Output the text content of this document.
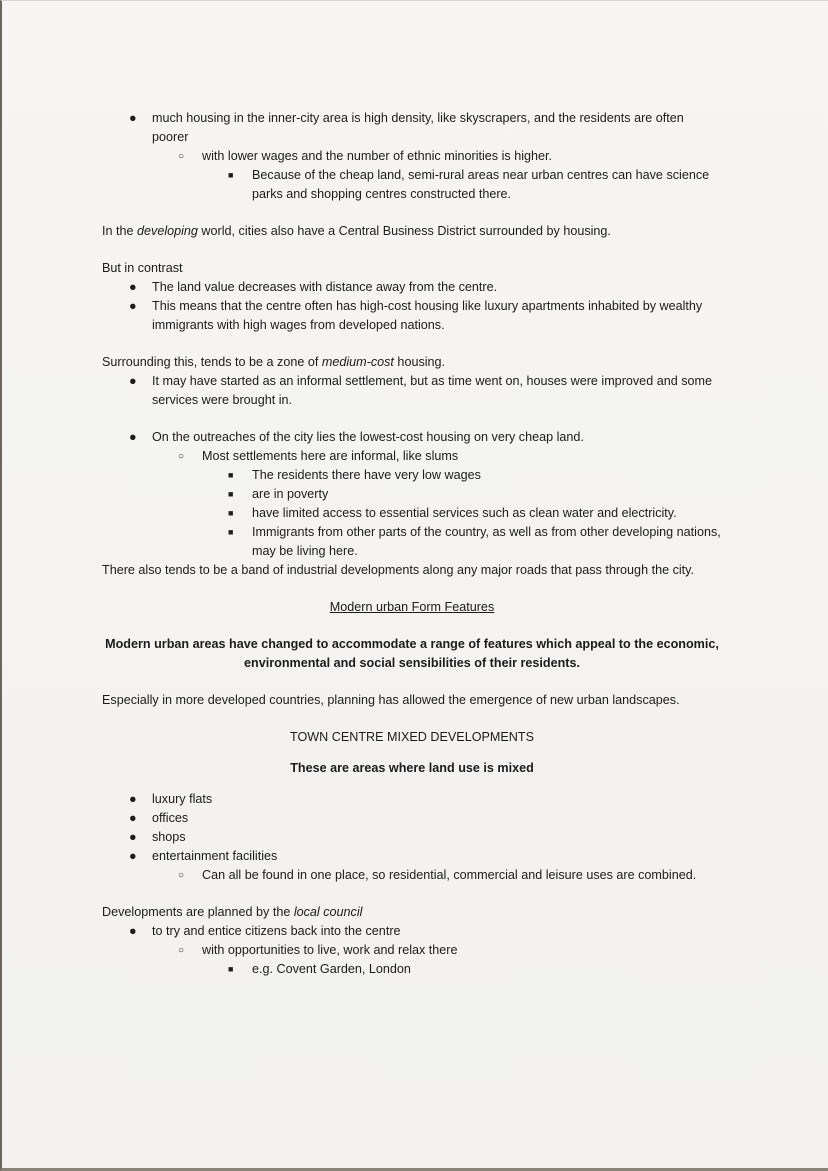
● much housing in the inner-city area is high density, like skyscrapers, and the residents are often poorer
○ with lower wages and the number of ethnic minorities is higher.
■ Because of the cheap land, semi-rural areas near urban centres can have science parks and shopping centres constructed there.

In the developing world, cities also have a Central Business District surrounded by housing.

But in contrast

● The land value decreases with distance away from the centre.
● This means that the centre often has high-cost housing like luxury apartments inhabited by wealthy immigrants with high wages from developed nations.

Surrounding this, tends to be a zone of medium-cost housing.

● It may have started as an informal settlement, but as time went on, houses were improved and some services were brought in.
● On the outreaches of the city lies the lowest-cost housing on very cheap land.
○ Most settlements here are informal, like slums
■ The residents there have very low wages
■ are in poverty
■ have limited access to essential services such as clean water and electricity.
■ Immigrants from other parts of the country, as well as from other developing nations, may be living here.

There also tends to be a band of industrial developments along any major roads that pass through the city.

Modern urban Form Features

Modern urban areas have changed to accommodate a range of features which appeal to the economic, environmental and social sensibilities of their residents.

Especially in more developed countries, planning has allowed the emergence of new urban landscapes.

TOWN CENTRE MIXED DEVELOPMENTS

These are areas where land use is mixed

● luxury flats
● offices
● shops
● entertainment facilities
○ Can all be found in one place, so residential, commercial and leisure uses are combined.

Developments are planned by the local council

● to try and entice citizens back into the centre
○ with opportunities to live, work and relax there
■ e.g. Covent Garden, London
